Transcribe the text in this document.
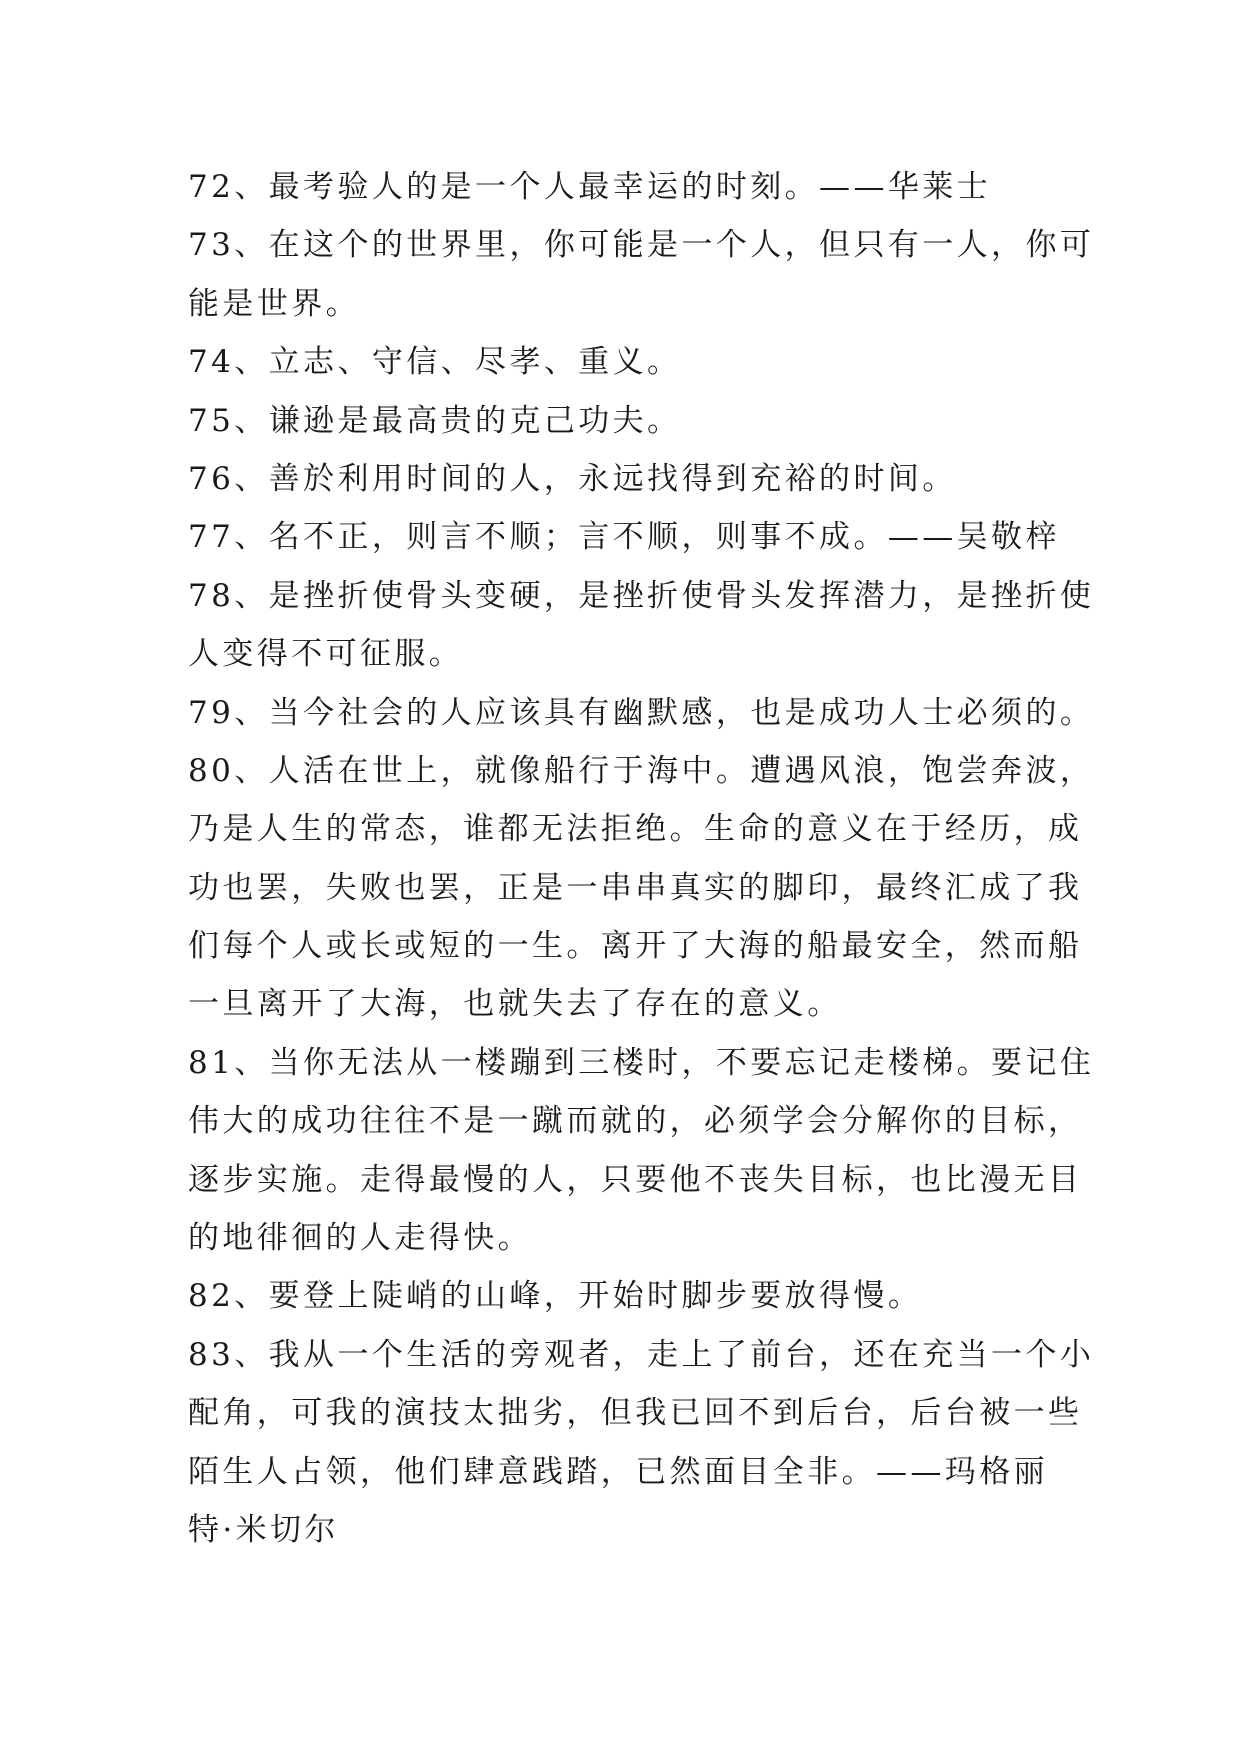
72、最考验人的是一个人最幸运的时刻。——华莱士
73、在这个的世界里，你可能是一个人，但只有一人，你可
能是世界。
74、立志、守信、尽孝、重义。
75、谦逊是最高贵的克己功夫。
76、善於利用时间的人，永远找得到充裕的时间。
77、名不正，则言不顺；言不顺，则事不成。——吴敬梓
78、是挫折使骨头变硬，是挫折使骨头发挥潜力，是挫折使
人变得不可征服。
79、当今社会的人应该具有幽默感，也是成功人士必须的。
80、人活在世上，就像船行于海中。遭遇风浪，饱尝奔波，
乃是人生的常态，谁都无法拒绝。生命的意义在于经历，成
功也罢，失败也罢，正是一串串真实的脚印，最终汇成了我
们每个人或长或短的一生。离开了大海的船最安全，然而船
一旦离开了大海，也就失去了存在的意义。
81、当你无法从一楼蹦到三楼时，不要忘记走楼梯。要记住
伟大的成功往往不是一蹴而就的，必须学会分解你的目标，
逐步实施。走得最慢的人，只要他不丧失目标，也比漫无目
的地徘徊的人走得快。
82、要登上陡峭的山峰，开始时脚步要放得慢。
83、我从一个生活的旁观者，走上了前台，还在充当一个小
配角，可我的演技太拙劣，但我已回不到后台，后台被一些
陌生人占领，他们肆意践踏，已然面目全非。——玛格丽
特·米切尔
